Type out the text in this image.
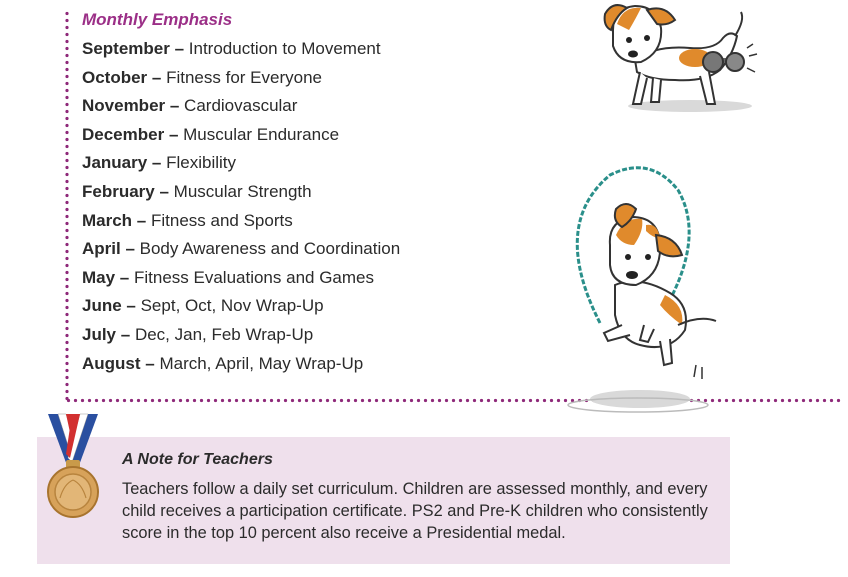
Monthly Emphasis
September – Introduction to Movement
October – Fitness for Everyone
November – Cardiovascular
December – Muscular Endurance
January – Flexibility
February – Muscular Strength
March – Fitness and Sports
April – Body Awareness and Coordination
May – Fitness Evaluations and Games
June – Sept, Oct, Nov Wrap-Up
July – Dec, Jan, Feb Wrap-Up
August – March, April, May Wrap-Up
A Note for Teachers
Teachers follow a daily set curriculum. Children are assessed monthly, and every child receives a participation certificate. PS2 and Pre-K children who consistently score in the top 10 percent also receive a Presidential medal.
